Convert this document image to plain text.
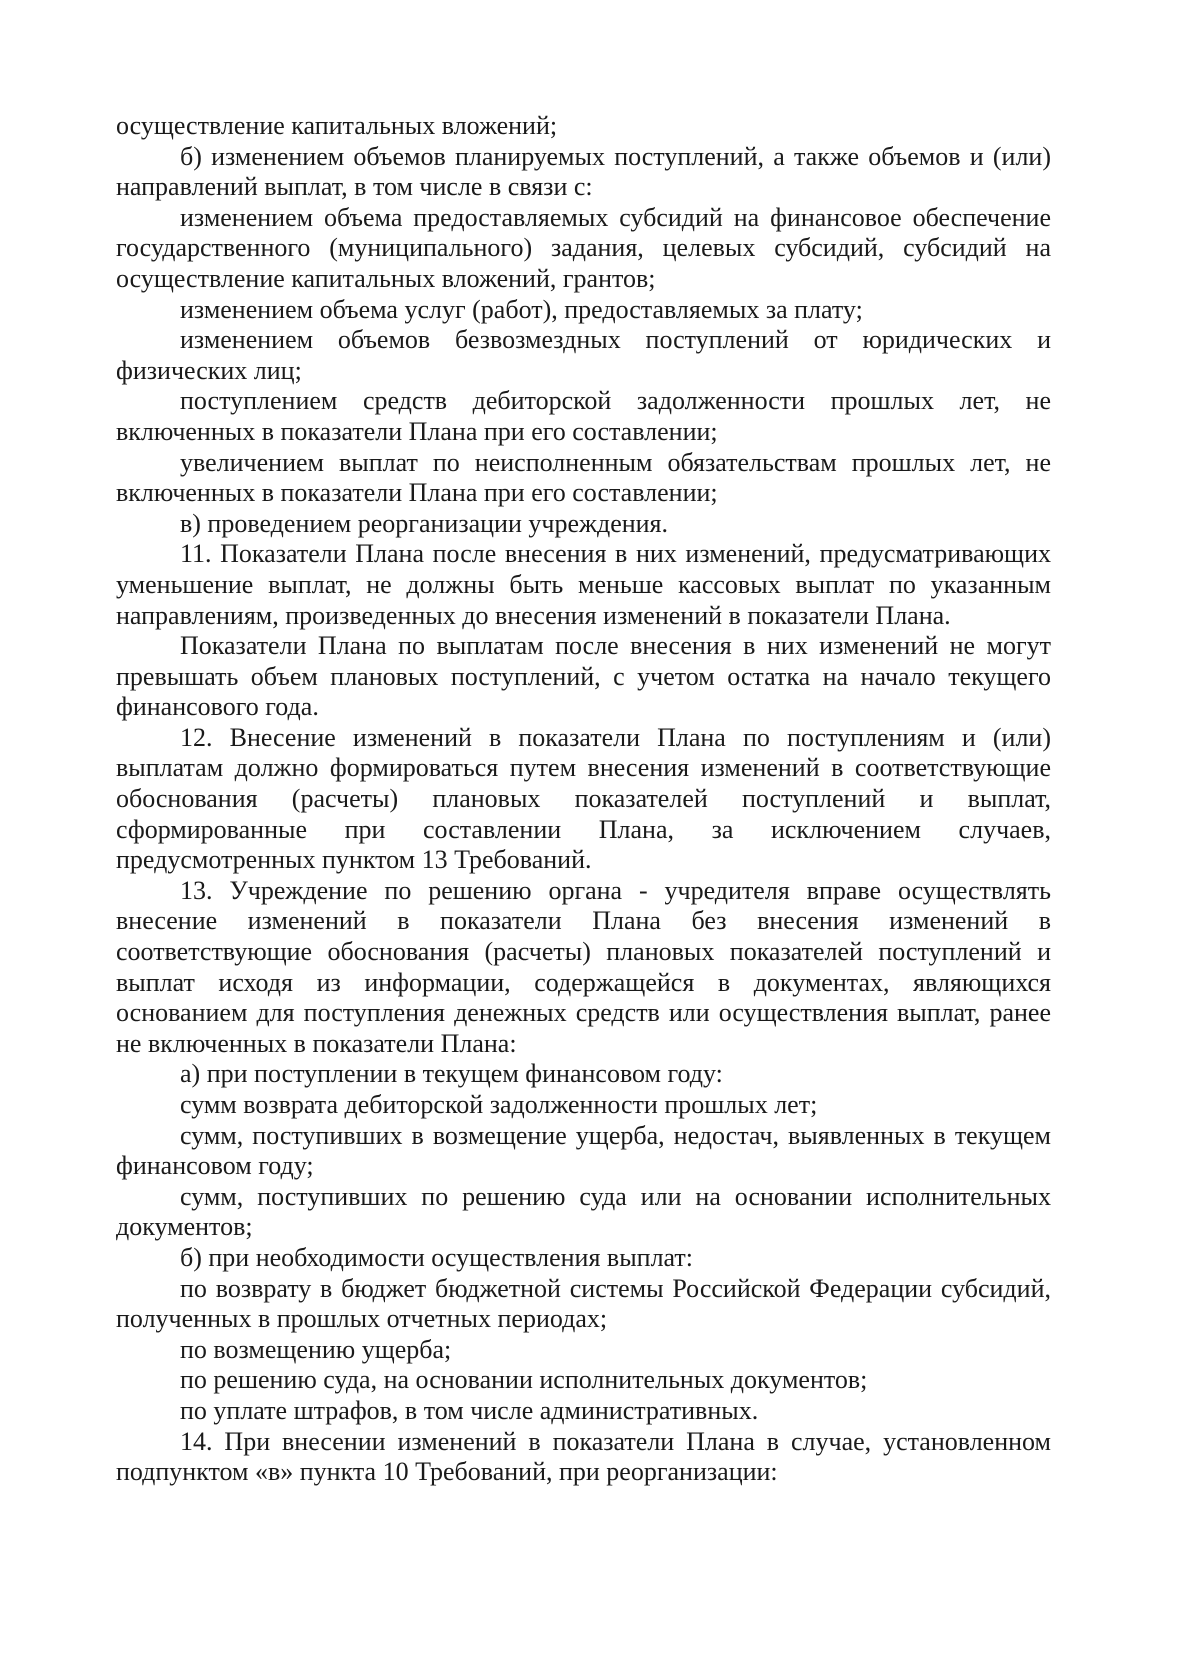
осуществление капитальных вложений;

б) изменением объемов планируемых поступлений, а также объемов и (или) направлений выплат, в том числе в связи с:

изменением объема предоставляемых субсидий на финансовое обеспечение государственного (муниципального) задания, целевых субсидий, субсидий на осуществление капитальных вложений, грантов;

изменением объема услуг (работ), предоставляемых за плату;

изменением объемов безвозмездных поступлений от юридических и физических лиц;

поступлением средств дебиторской задолженности прошлых лет, не включенных в показатели Плана при его составлении;

увеличением выплат по неисполненным обязательствам прошлых лет, не включенных в показатели Плана при его составлении;

в) проведением реорганизации учреждения.

11. Показатели Плана после внесения в них изменений, предусматривающих уменьшение выплат, не должны быть меньше кассовых выплат по указанным направлениям, произведенных до внесения изменений в показатели Плана.

Показатели Плана по выплатам после внесения в них изменений не могут превышать объем плановых поступлений, с учетом остатка на начало текущего финансового года.

12. Внесение изменений в показатели Плана по поступлениям и (или) выплатам должно формироваться путем внесения изменений в соответствующие обоснования (расчеты) плановых показателей поступлений и выплат, сформированные при составлении Плана, за исключением случаев, предусмотренных пунктом 13 Требований.

13. Учреждение по решению органа - учредителя вправе осуществлять внесение изменений в показатели Плана без внесения изменений в соответствующие обоснования (расчеты) плановых показателей поступлений и выплат исходя из информации, содержащейся в документах, являющихся основанием для поступления денежных средств или осуществления выплат, ранее не включенных в показатели Плана:

а) при поступлении в текущем финансовом году:

сумм возврата дебиторской задолженности прошлых лет;

сумм, поступивших в возмещение ущерба, недостач, выявленных в текущем финансовом году;

сумм, поступивших по решению суда или на основании исполнительных документов;

б) при необходимости осуществления выплат:

по возврату в бюджет бюджетной системы Российской Федерации субсидий, полученных в прошлых отчетных периодах;

по возмещению ущерба;

по решению суда, на основании исполнительных документов;

по уплате штрафов, в том числе административных.

14. При внесении изменений в показатели Плана в случае, установленном подпунктом «в» пункта 10 Требований, при реорганизации:
